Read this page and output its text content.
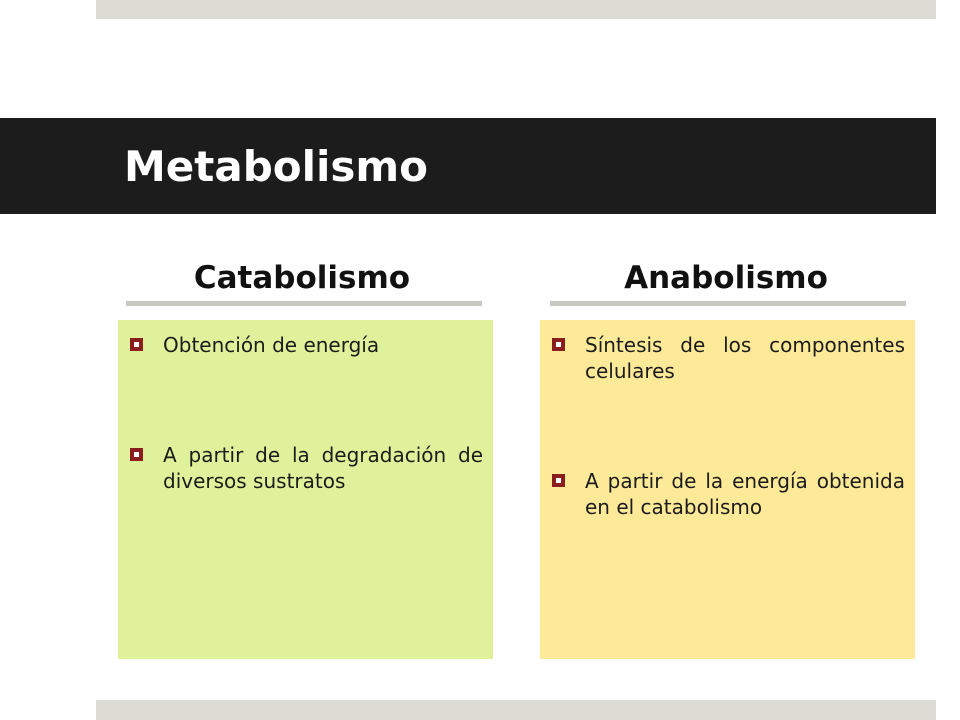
Metabolismo
Catabolismo
Obtención de energía
A partir de la degradación de diversos sustratos
Anabolismo
Síntesis de los componentes celulares
A partir de la energía obtenida en el catabolismo
